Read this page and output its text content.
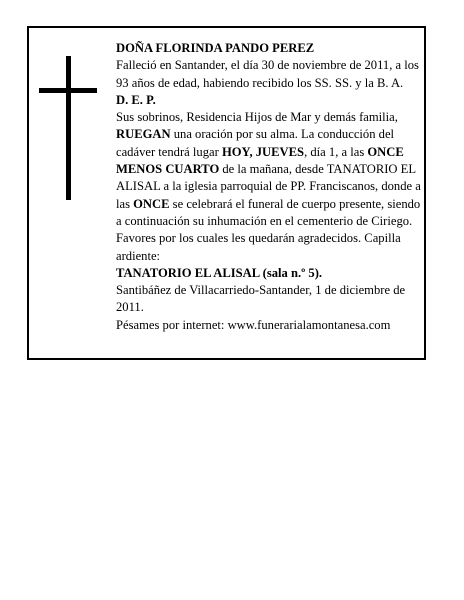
DOÑA FLORINDA PANDO PEREZ

Falleció en Santander, el día 30 de noviembre de 2011, a los 93 años de edad, habiendo recibido los SS. SS. y la B. A.

D. E. P.

Sus sobrinos, Residencia Hijos de Mar y demás familia, RUEGAN una oración por su alma. La conducción del cadáver tendrá lugar HOY, JUEVES, día 1, a las ONCE MENOS CUARTO de la mañana, desde TANATORIO EL ALISAL a la iglesia parroquial de PP. Franciscanos, donde a las ONCE se celebrará el funeral de cuerpo presente, siendo a continuación su inhumación en el cementerio de Ciriego. Favores por los cuales les quedarán agradecidos. Capilla ardiente:

TANATORIO EL ALISAL (sala n.º 5).

Santibáñez de Villacarriedo-Santander, 1 de diciembre de 2011.

Pésames por internet: www.funerarialamontanesa.com
